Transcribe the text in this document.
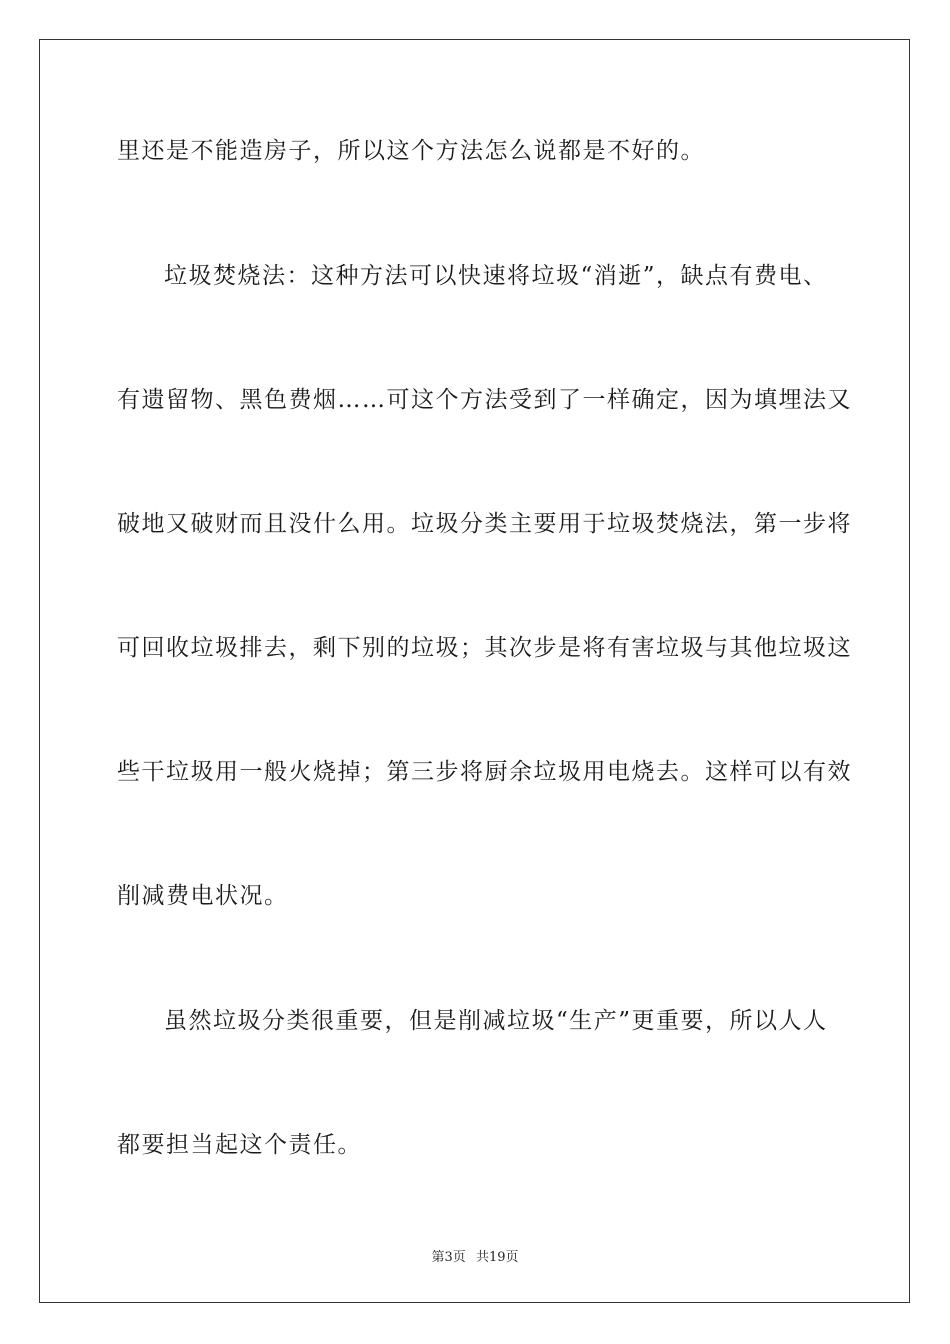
里还是不能造房子，所以这个方法怎么说都是不好的。
垃圾焚烧法：这种方法可以快速将垃圾“消逝”，缺点有费电、
有遗留物、黑色费烟……可这个方法受到了一样确定，因为填埋法又
破地又破财而且没什么用。垃圾分类主要用于垃圾焚烧法，第一步将
可回收垃圾排去，剩下别的垃圾；其次步是将有害垃圾与其他垃圾这
些干垃圾用一般火烧掉；第三步将厨余垃圾用电烧去。这样可以有效
削减费电状况。
虽然垃圾分类很重要，但是削减垃圾“生产”更重要，所以人人
都要担当起这个责任。
第3页 共19页
